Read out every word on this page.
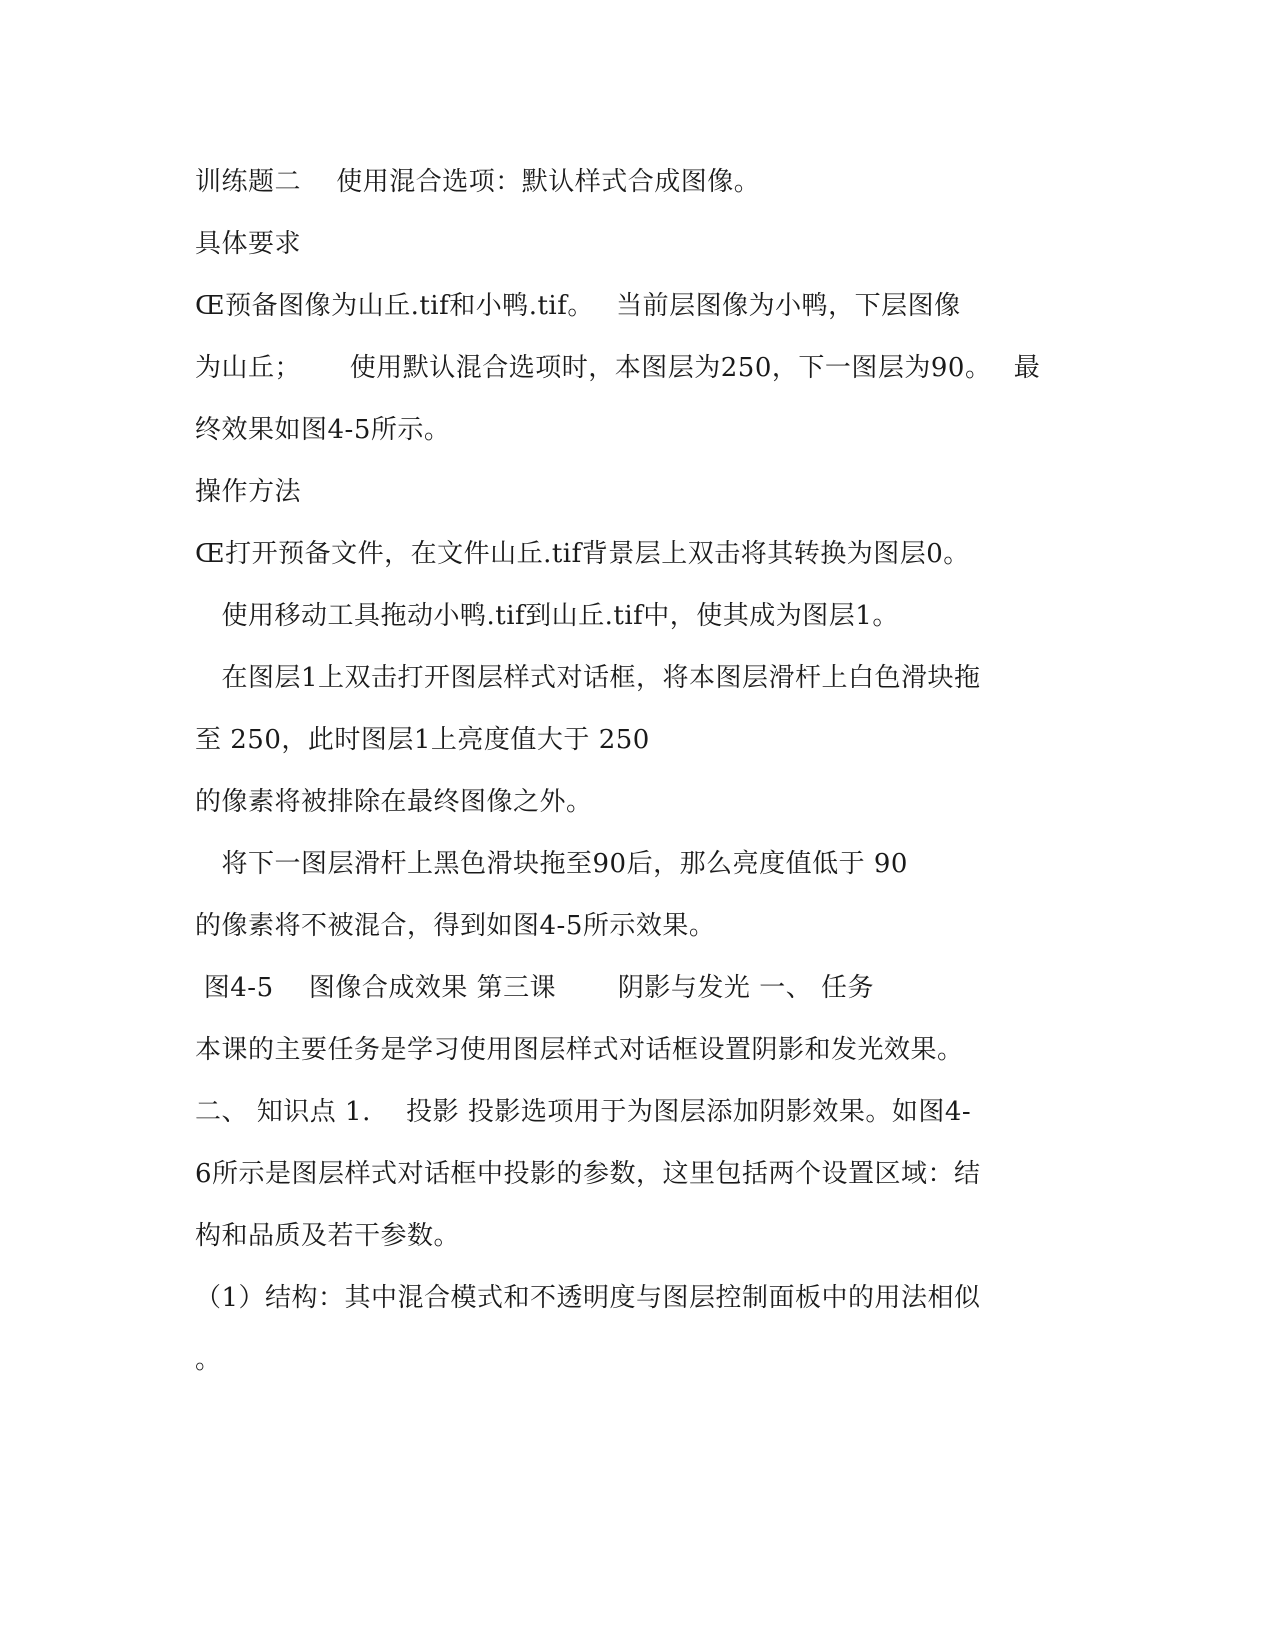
训练题二　 使用混合选项：默认样式合成图像。
具体要求
Œ预备图像为山丘.tif和小鸭.tif。　 当前层图像为小鸭，下层图像
为山丘；　　 使用默认混合选项时，本图层为250，下一图层为90。　 最
终效果如图4-5所示。
操作方法
Œ打开预备文件，在文件山丘.tif背景层上双击将其转换为图层0。
　使用移动工具拖动小鸭.tif到山丘.tif中，使其成为图层1。
　在图层1上双击打开图层样式对话框，将本图层滑杆上白色滑块拖
至 250，此时图层1上亮度值大于 250
的像素将被排除在最终图像之外。
　将下一图层滑杆上黑色滑块拖至90后，那么亮度值低于 90
的像素将不被混合，得到如图4-5所示效果。
图4-5　 图像合成效果 第三课　　 阴影与发光 一、 任务
本课的主要任务是学习使用图层样式对话框设置阴影和发光效果。
二、 知识点 1.　 投影 投影选项用于为图层添加阴影效果。如图4-
6所示是图层样式对话框中投影的参数，这里包括两个设置区域：结
构和品质及若干参数。
（1）结构：其中混合模式和不透明度与图层控制面板中的用法相似
。
